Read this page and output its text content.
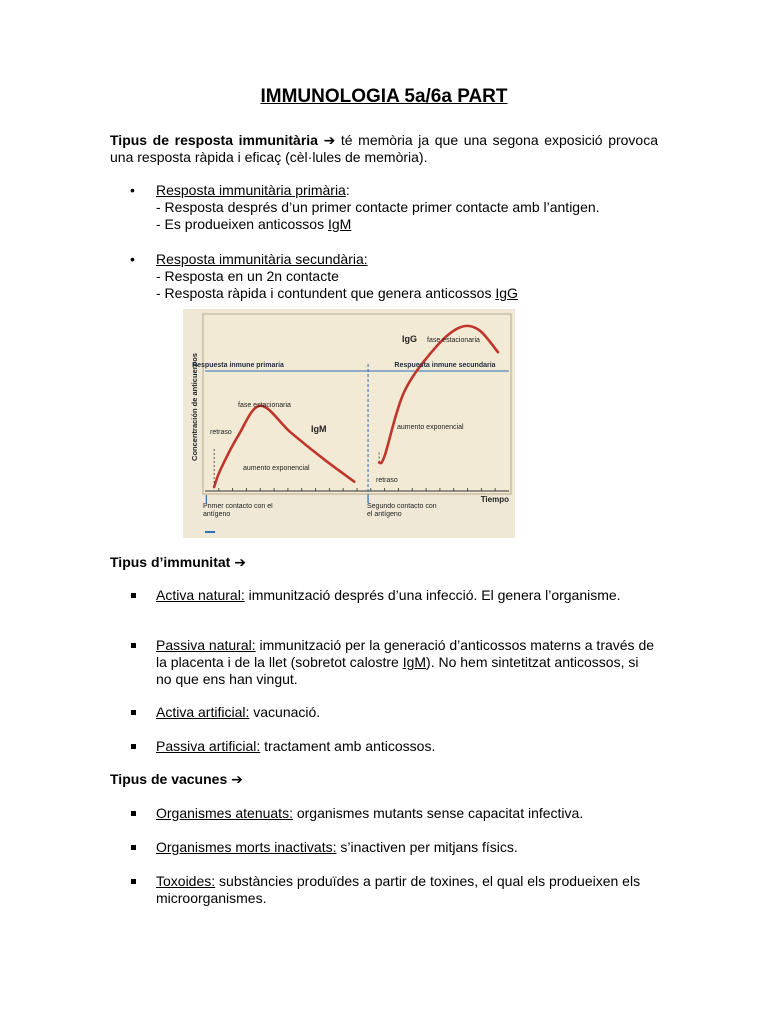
IMMUNOLOGIA 5a/6a PART
Tipus de resposta immunitària ➔ té memòria ja que una segona exposició provoca una resposta ràpida i eficaç (cèl·lules de memòria).
•	Resposta immunitària primària:
- Resposta després d’un primer contacte primer contacte amb l’antigen.
- Es produeixen anticossos IgM
•	Resposta immunitària secundària:
- Resposta en un 2n contacte
- Resposta ràpida i contundent que genera anticossos IgG
Concentración de anticuerpos
Tiempo
Respuesta inmune primaria	Respuesta inmune secundaria
IgM
IgG
fase estacionaria
retraso
aumento exponencial
fase estacionaria
aumento exponencial
retraso
Primer contacto con el antígeno
Segundo contacto con el antígeno
Tipus d’immunitat ➔
Activa natural: immunització després d’una infecció. El genera l’organisme.
Passiva natural: immunització per la generació d’anticossos materns a través de la placenta i de la llet (sobretot calostre IgM). No hem sintetitzat anticossos, si no que ens han vingut.
Activa artificial: vacunació.
Passiva artificial: tractament amb anticossos.
Tipus de vacunes ➔
Organismes atenuats: organismes mutants sense capacitat infectiva.
Organismes morts inactivats: s’inactiven per mitjans físics.
Toxoides: substàncies produïdes a partir de toxines, el qual els produeixen els microorganismes.
